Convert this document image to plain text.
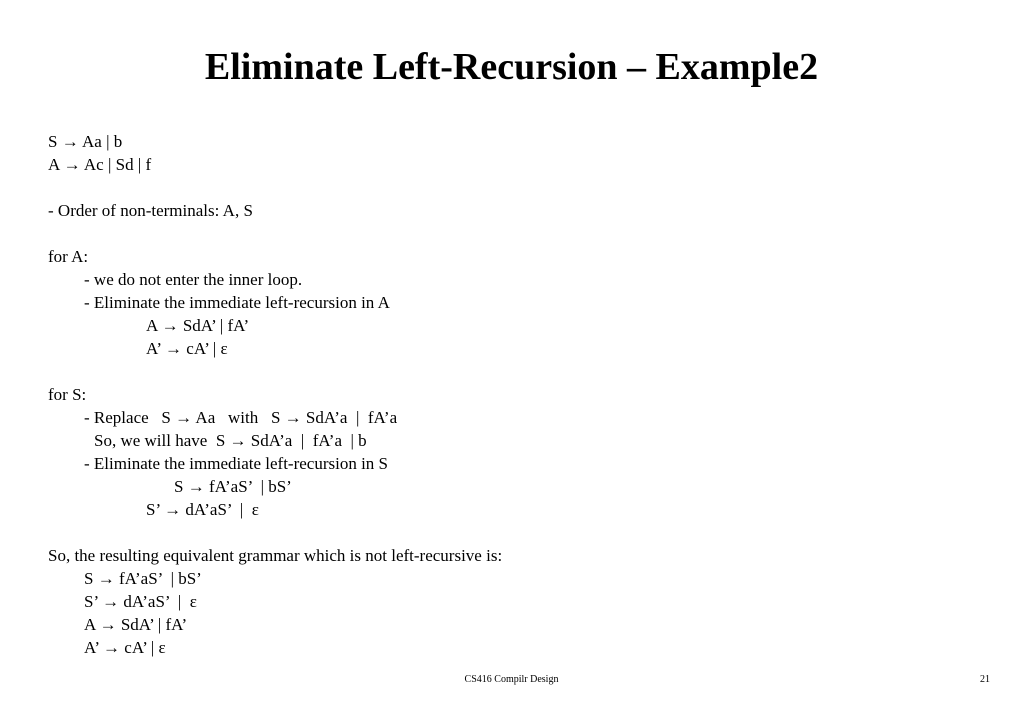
Eliminate Left-Recursion – Example2
S → Aa | b
A → Ac | Sd | f
- Order of non-terminals: A, S
for A:
- we do not enter the inner loop.
- Eliminate the immediate left-recursion in A
A → SdA’ | fA’
A’ → cA’ | ε
for S:
- Replace   S → Aa   with   S → SdA’a  |  fA’a
So, we will have  S → SdA’a  |  fA’a  | b
- Eliminate the immediate left-recursion in S
S → fA’aS’  | bS’
S’ → dA’aS’  |  ε
So, the resulting equivalent grammar which is not left-recursive is:
S → fA’aS’  | bS’
S’ → dA’aS’  |  ε
A → SdA’ | fA’
A’ → cA’ | ε
CS416 Compilr Design	21
